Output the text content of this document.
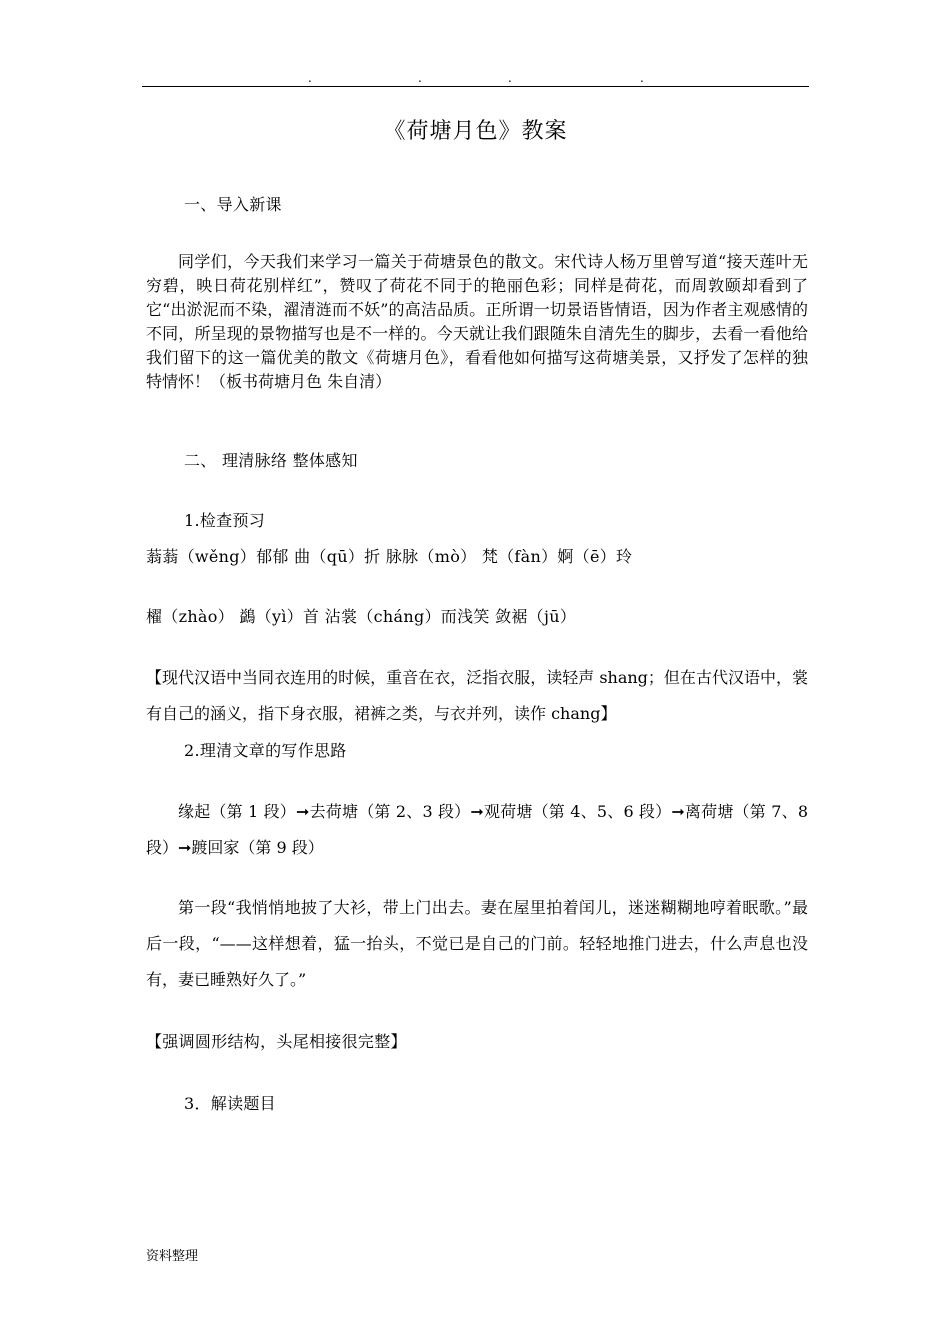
.	.	.	.
《荷塘月色》教案
一、导入新课
同学们，今天我们来学习一篇关于荷塘景色的散文。宋代诗人杨万里曾写道“接天莲叶无穷碧，映日荷花别样红”，赞叹了荷花不同于的艳丽色彩；同样是荷花，而周敦颐却看到了它“出淤泥而不染，濯清涟而不妖”的高洁品质。正所谓一切景语皆情语，因为作者主观感情的不同，所呈现的景物描写也是不一样的。今天就让我们跟随朱自清先生的脚步，去看一看他给我们留下的这一篇优美的散文《荷塘月色》，看看他如何描写这荷塘美景，又抒发了怎样的独特情怀！（板书荷塘月色 朱自清）
二、 理清脉络 整体感知
1.检查预习
蓊蓊（wěng）郁郁 曲（qū）折 脉脉（mò） 梵（fàn）婀（ē）玲
櫂（zhào） 鷁（yì）首 沾裳（cháng）而浅笑 敛裾（jū）
【现代汉语中当同衣连用的时候，重音在衣，泛指衣服，读轻声 shang；但在古代汉语中，裳有自己的涵义，指下身衣服，裙裤之类，与衣并列，读作 chang】
2.理清文章的写作思路
缘起（第 1 段）➞去荷塘（第 2、3 段）➞观荷塘（第 4、5、6 段）➞离荷塘（第 7、8 段）➞踱回家（第 9 段）
第一段“我悄悄地披了大衫，带上门出去。妻在屋里拍着闰儿，迷迷糊糊地哼着眠歌。”最后一段，“——这样想着，猛一抬头，不觉已是自己的门前。轻轻地推门进去，什么声息也没有，妻已睡熟好久了。”
【强调圆形结构，头尾相接很完整】
3．解读题目
资料整理
